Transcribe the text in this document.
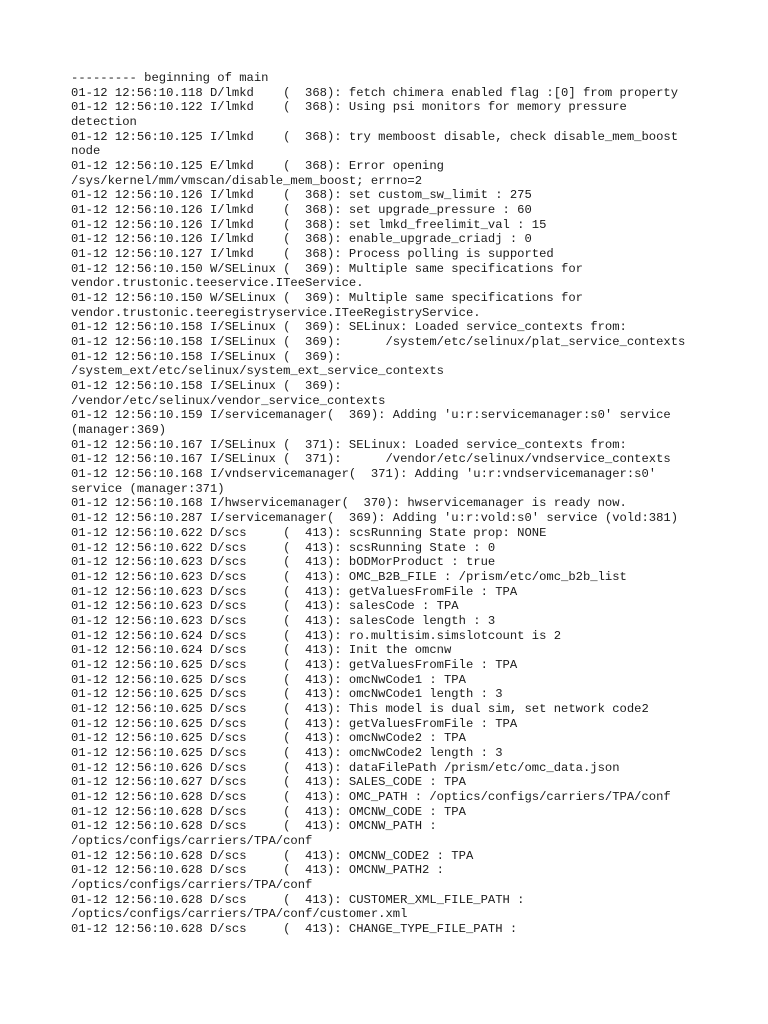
--------- beginning of main
01-12 12:56:10.118 D/lmkd    (  368): fetch chimera enabled flag :[0] from property
01-12 12:56:10.122 I/lmkd    (  368): Using psi monitors for memory pressure
detection
01-12 12:56:10.125 I/lmkd    (  368): try memboost disable, check disable_mem_boost
node
01-12 12:56:10.125 E/lmkd    (  368): Error opening
/sys/kernel/mm/vmscan/disable_mem_boost; errno=2
01-12 12:56:10.126 I/lmkd    (  368): set custom_sw_limit : 275
01-12 12:56:10.126 I/lmkd    (  368): set upgrade_pressure : 60
01-12 12:56:10.126 I/lmkd    (  368): set lmkd_freelimit_val : 15
01-12 12:56:10.126 I/lmkd    (  368): enable_upgrade_criadj : 0
01-12 12:56:10.127 I/lmkd    (  368): Process polling is supported
01-12 12:56:10.150 W/SELinux (  369): Multiple same specifications for
vendor.trustonic.teeservice.ITeeService.
01-12 12:56:10.150 W/SELinux (  369): Multiple same specifications for
vendor.trustonic.teeregistryservice.ITeeRegistryService.
01-12 12:56:10.158 I/SELinux (  369): SELinux: Loaded service_contexts from:
01-12 12:56:10.158 I/SELinux (  369):      /system/etc/selinux/plat_service_contexts
01-12 12:56:10.158 I/SELinux (  369):
/system_ext/etc/selinux/system_ext_service_contexts
01-12 12:56:10.158 I/SELinux (  369):
/vendor/etc/selinux/vendor_service_contexts
01-12 12:56:10.159 I/servicemanager(  369): Adding 'u:r:servicemanager:s0' service
(manager:369)
01-12 12:56:10.167 I/SELinux (  371): SELinux: Loaded service_contexts from:
01-12 12:56:10.167 I/SELinux (  371):      /vendor/etc/selinux/vndservice_contexts
01-12 12:56:10.168 I/vndservicemanager(  371): Adding 'u:r:vndservicemanager:s0'
service (manager:371)
01-12 12:56:10.168 I/hwservicemanager(  370): hwservicemanager is ready now.
01-12 12:56:10.287 I/servicemanager(  369): Adding 'u:r:vold:s0' service (vold:381)
01-12 12:56:10.622 D/scs     (  413): scsRunning State prop: NONE
01-12 12:56:10.622 D/scs     (  413): scsRunning State : 0
01-12 12:56:10.623 D/scs     (  413): bODMorProduct : true
01-12 12:56:10.623 D/scs     (  413): OMC_B2B_FILE : /prism/etc/omc_b2b_list
01-12 12:56:10.623 D/scs     (  413): getValuesFromFile : TPA
01-12 12:56:10.623 D/scs     (  413): salesCode : TPA
01-12 12:56:10.623 D/scs     (  413): salesCode length : 3
01-12 12:56:10.624 D/scs     (  413): ro.multisim.simslotcount is 2
01-12 12:56:10.624 D/scs     (  413): Init the omcnw
01-12 12:56:10.625 D/scs     (  413): getValuesFromFile : TPA
01-12 12:56:10.625 D/scs     (  413): omcNwCode1 : TPA
01-12 12:56:10.625 D/scs     (  413): omcNwCode1 length : 3
01-12 12:56:10.625 D/scs     (  413): This model is dual sim, set network code2
01-12 12:56:10.625 D/scs     (  413): getValuesFromFile : TPA
01-12 12:56:10.625 D/scs     (  413): omcNwCode2 : TPA
01-12 12:56:10.625 D/scs     (  413): omcNwCode2 length : 3
01-12 12:56:10.626 D/scs     (  413): dataFilePath /prism/etc/omc_data.json
01-12 12:56:10.627 D/scs     (  413): SALES_CODE : TPA
01-12 12:56:10.628 D/scs     (  413): OMC_PATH : /optics/configs/carriers/TPA/conf
01-12 12:56:10.628 D/scs     (  413): OMCNW_CODE : TPA
01-12 12:56:10.628 D/scs     (  413): OMCNW_PATH :
/optics/configs/carriers/TPA/conf
01-12 12:56:10.628 D/scs     (  413): OMCNW_CODE2 : TPA
01-12 12:56:10.628 D/scs     (  413): OMCNW_PATH2 :
/optics/configs/carriers/TPA/conf
01-12 12:56:10.628 D/scs     (  413): CUSTOMER_XML_FILE_PATH :
/optics/configs/carriers/TPA/conf/customer.xml
01-12 12:56:10.628 D/scs     (  413): CHANGE_TYPE_FILE_PATH :
